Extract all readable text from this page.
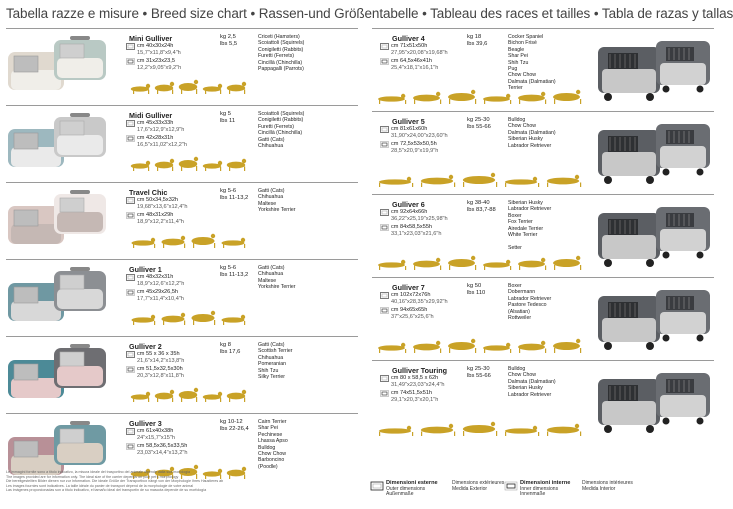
Tabella razze e misure • Breed size chart • Rassen-und Größentabelle • Tableau des races et tailles • Tabla de razas y tallas
Mini Gulliver
cm 40x30x24h
15,7"x11,8"x9,4"h
cm 31x23x23,5
12,2"x9,05"x9,2"h
kg 2,5
lbs 5,5
Criceti (Hamsters)
Scoiattoli (Squirrels)
Conigiletti (Rabbits)
Furetti (Ferrets)
Cincillà (Chinchilla)
Pappagalli (Parrots)
Midi Gulliver
cm 45x33x33h
17,6"x12,9"x12,9"h
cm 42x28x31h
16,5"x11,02"x12,2"h
kg 5
lbs 11
Scoiattoli (Squirrels)
Conigiletti (Rabbits)
Furetti (Ferrets)
Cincillà (Chinchilla)
Gatti (Cats)
Chihuahua
Travel Chic
cm 50x34,5x32h
19,68"x13,6"x12,4"h
cm 48x31x29h
18,9"x12,2"x11,4"h
kg 5-6
lbs 11-13,2
Gatti (Cats)
Chihuahua
Maltese
Yorkshire Terrier
Gulliver 1
cm 48x32x31h
18,9"x12,6"x12,2"h
cm 45x29x26,5h
17,7"x11,4"x10,4"h
kg 5-6
lbs 11-13,2
Gatti (Cats)
Chihuahua
Maltese
Yorkshire Terrier
Gulliver 2
cm 55 x 36 x 35h
21,6"x14,2"x13,8"h
cm 51,5x32,5x30h
20,3"x12,8"x11,8"h
kg 8
lbs 17,6
Gatti (Cats)
Scottish Terrier
Chihuahua
Pomeranian
Shih Tzu
Silky Terrier
Gulliver 3
cm 61x40x38h
24"x15,7"x15"h
cm 58,5x36,5x33,5h
23,03"x14,4"x13,2"h
kg 10-12
lbs 22-26,4
Cairn Terrier
Shar Pei
Pechinese
Lhassa Apso
Bulldog
Chow Chow
Barboncino
(Poodle)
Gulliver 4
cm 71x51x50h
27,95"x20,08"x19,68"h
cm 64,5x46x41h
25,4"x18,1"x16,1"h
kg 18
lbs 39,6
Cocker Spaniel
Bichon Frisé
Beagle
Shar Pei
Shih Tzu
Pug
Chow Chow
Dalmata (Dalmatian)
Terrier
Gulliver 5
cm 81x61x60h
31,90"x24,00"x23,60"h
cm 72,5x53x50,5h
28,5"x20,9"x19,9"h
kg 25-30
lbs 55-66
Bulldog
Chow Chow
Dalmata (Dalmatian)
Siberian Husky
Labrador Retriever
Gulliver 6
cm 92x64x66h
36,22"x25,19"x25,98"h
cm 84x58,5x55h
33,1"x23,03"x21,6"h
kg 38-40
lbs 83,7-88
Siberian Husky
Labrador Retriever
Boxer
Fox Terrier
Airedale Terrier
White Terrier
Setter
Gulliver 7
cm 102x72x76h
40,16"x28,35"x29,92"h
cm 94x65x65h
37"x25,6"x25,6"h
kg 50
lbs 110
Boxer
Dobermann
Labrador Retriever
Pastore Tedesco
(Alsatian)
Rottweiler
Gulliver Touring
cm 80 x 58,5 x 62h
31,49"x23,03"x24,4"h
cm 74x51,5x51h
29,1"x20,3"x20,1"h
kg 25-30
lbs 55-66
Bulldog
Chow Chow
Dalmata (Dalmatian)
Siberian Husky
Labrador Retriever
Le immagini fornite sono a titolo indicativo, la misura ideale del trasportino del animale dipende dalla sua morfologia
The images provided are for information only. The ideal size of the carrier depends on your pet's morphology
Die bereitgestellten Bilder dienen nur zur Information. Die ideale Größe der Transportbox hängt von der Morphologie Ihres Haustieres ab
Les images fournies sont indicatives. La taille idéale du panier de transport dépend de la morphologie de votre animal
Las imágenes proporcionadas son a título indicativo, el tamaño ideal del transportín de su mascota depende de su morfología
Dimensioni esterne
Outer dimensions
Außenmaße
Dimensions extérieures
Medida Exterior
Dimensioni interne
Inner dimensions
Innenmaße
Dimensions intérieures
Medida Interior
